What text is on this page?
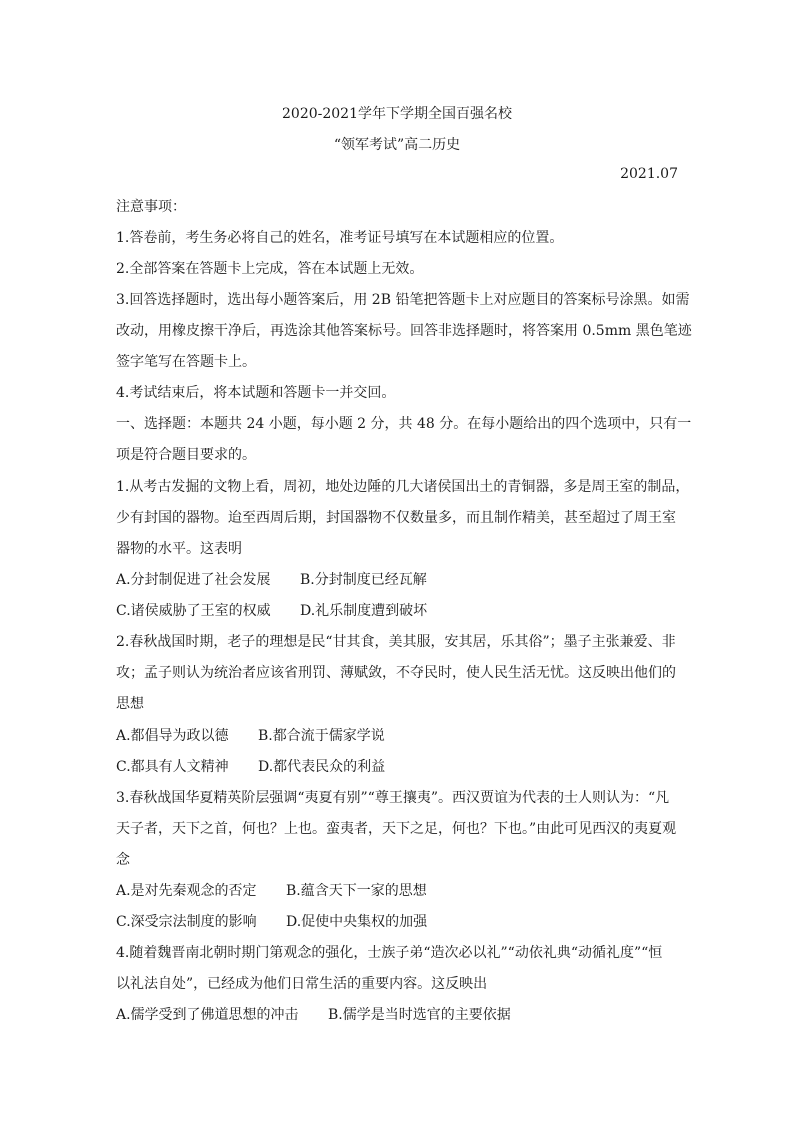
2020-2021学年下学期全国百强名校
“领军考试”高二历史
2021.07
注意事项：
1.答卷前，考生务必将自己的姓名，准考证号填写在本试题相应的位置。
2.全部答案在答题卡上完成，答在本试题上无效。
3.回答选择题时，选出每小题答案后，用 2B 铅笔把答题卡上对应题目的答案标号涂黑。如需
改动，用橡皮擦干净后，再选涂其他答案标号。回答非选择题时，将答案用 0.5mm 黑色笔迹
签字笔写在答题卡上。
4.考试结束后，将本试题和答题卡一并交回。
一、选择题：本题共 24 小题，每小题 2 分，共 48 分。在每小题给出的四个选项中，只有一
项是符合题目要求的。
1.从考古发掘的文物上看，周初，地处边陲的几大诸侯国出土的青铜器，多是周王室的制品，
少有封国的器物。迨至西周后期，封国器物不仅数量多，而且制作精美，甚至超过了周王室
器物的水平。这表明
A.分封制促进了社会发展 B.分封制度已经瓦解
C.诸侯威胁了王室的权威 D.礼乐制度遭到破坏
2.春秋战国时期，老子的理想是民“甘其食，美其服，安其居，乐其俗”；墨子主张兼爱、非
攻；孟子则认为统治者应该省刑罚、薄赋敛，不夺民时，使人民生活无忧。这反映出他们的
思想
A.都倡导为政以德 B.都合流于儒家学说
C.都具有人文精神 D.都代表民众的利益
3.春秋战国华夏精英阶层强调“夷夏有别”“尊王攘夷”。西汉贾谊为代表的士人则认为：“凡
天子者，天下之首，何也？上也。蛮夷者，天下之足，何也？下也。”由此可见西汉的夷夏观
念
A.是对先秦观念的否定 B.蕴含天下一家的思想
C.深受宗法制度的影响 D.促使中央集权的加强
4.随着魏晋南北朝时期门第观念的强化，士族子弟“造次必以礼”“动依礼典“动循礼度”“恒
以礼法自处”，已经成为他们日常生活的重要内容。这反映出
A.儒学受到了佛道思想的冲击 B.儒学是当时选官的主要依据
